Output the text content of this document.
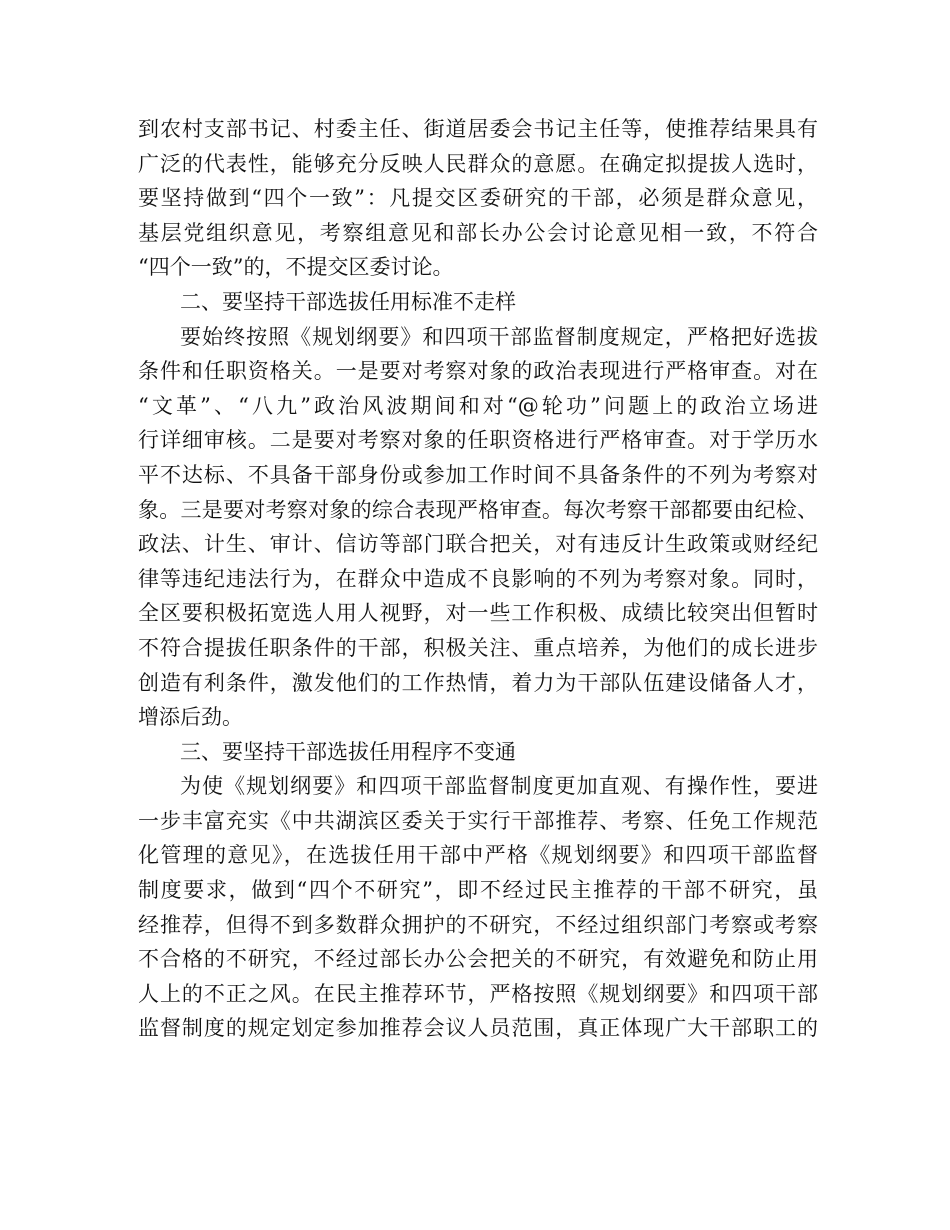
到农村支部书记、村委主任、街道居委会书记主任等，使推荐结果具有
广泛的代表性，能够充分反映人民群众的意愿。在确定拟提拔人选时，
要坚持做到“四个一致”：凡提交区委研究的干部，必须是群众意见，
基层党组织意见，考察组意见和部长办公会讨论意见相一致，不符合
“四个一致”的，不提交区委讨论。
二、要坚持干部选拔任用标准不走样
要始终按照《规划纲要》和四项干部监督制度规定，严格把好选拔
条件和任职资格关。一是要对考察对象的政治表现进行严格审查。对在
“文革”、“八九”政治风波期间和对“@轮功”问题上的政治立场进
行详细审核。二是要对考察对象的任职资格进行严格审查。对于学历水
平不达标、不具备干部身份或参加工作时间不具备条件的不列为考察对
象。三是要对考察对象的综合表现严格审查。每次考察干部都要由纪检、
政法、计生、审计、信访等部门联合把关，对有违反计生政策或财经纪
律等违纪违法行为，在群众中造成不良影响的不列为考察对象。同时，
全区要积极拓宽选人用人视野，对一些工作积极、成绩比较突出但暂时
不符合提拔任职条件的干部，积极关注、重点培养，为他们的成长进步
创造有利条件，激发他们的工作热情，着力为干部队伍建设储备人才，
增添后劲。
三、要坚持干部选拔任用程序不变通
为使《规划纲要》和四项干部监督制度更加直观、有操作性，要进
一步丰富充实《中共湖滨区委关于实行干部推荐、考察、任免工作规范
化管理的意见》，在选拔任用干部中严格《规划纲要》和四项干部监督
制度要求，做到“四个不研究”，即不经过民主推荐的干部不研究，虽
经推荐，但得不到多数群众拥护的不研究，不经过组织部门考察或考察
不合格的不研究，不经过部长办公会把关的不研究，有效避免和防止用
人上的不正之风。在民主推荐环节，严格按照《规划纲要》和四项干部
监督制度的规定划定参加推荐会议人员范围，真正体现广大干部职工的
